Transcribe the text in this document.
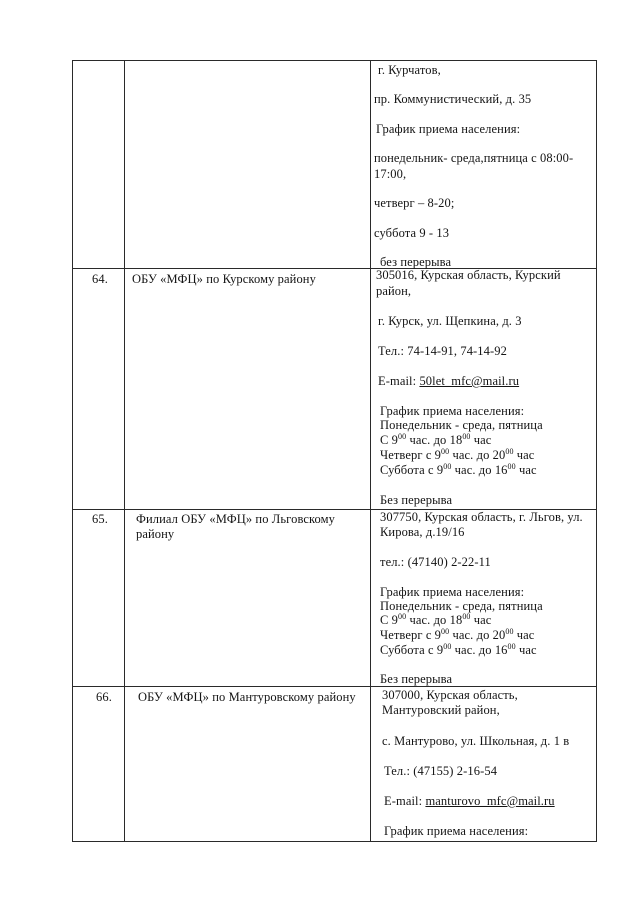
г. Курчатов,
пр. Коммунистический, д. 35
График приема населения:
понедельник- среда,пятница с 08:00-
17:00,
четверг – 8-20;
суббота 9 - 13
без перерыва
64. ОБУ «МФЦ» по Курскому району	305016, Курская область, Курский
район,
г. Курск, ул. Щепкина, д. 3
Тел.: 74-14-91, 74-14-92
E-mail: 50let_mfc@mail.ru
График приема населения:
Понедельник - среда, пятница
С $9^{00}$ час. до $18^{00}$ час
Четверг с $9^{00}$ час. до $20^{00}$ час
Суббота с $9^{00}$ час. до $16^{00}$ час
Без перерыва
65. Филиал ОБУ «МФЦ» по Льговскому
району
307750, Курская область, г. Льгов, ул.
Кирова, д.19/16
тел.: (47140) 2-22-11
График приема населения:
Понедельник - среда, пятница
С $9^{00}$ час. до $18^{00}$ час
Четверг с $9^{00}$ час. до $20^{00}$ час
Суббота с $9^{00}$ час. до $16^{00}$ час
Без перерыва
66. ОБУ «МФЦ» по Мантуровскому району 307000, Курская область,
Мантуровский район,
с. Мантурово, ул. Школьная, д. 1 в
Тел.: (47155) 2-16-54
E-mail: manturovo_mfc@mail.ru
График приема населения:
